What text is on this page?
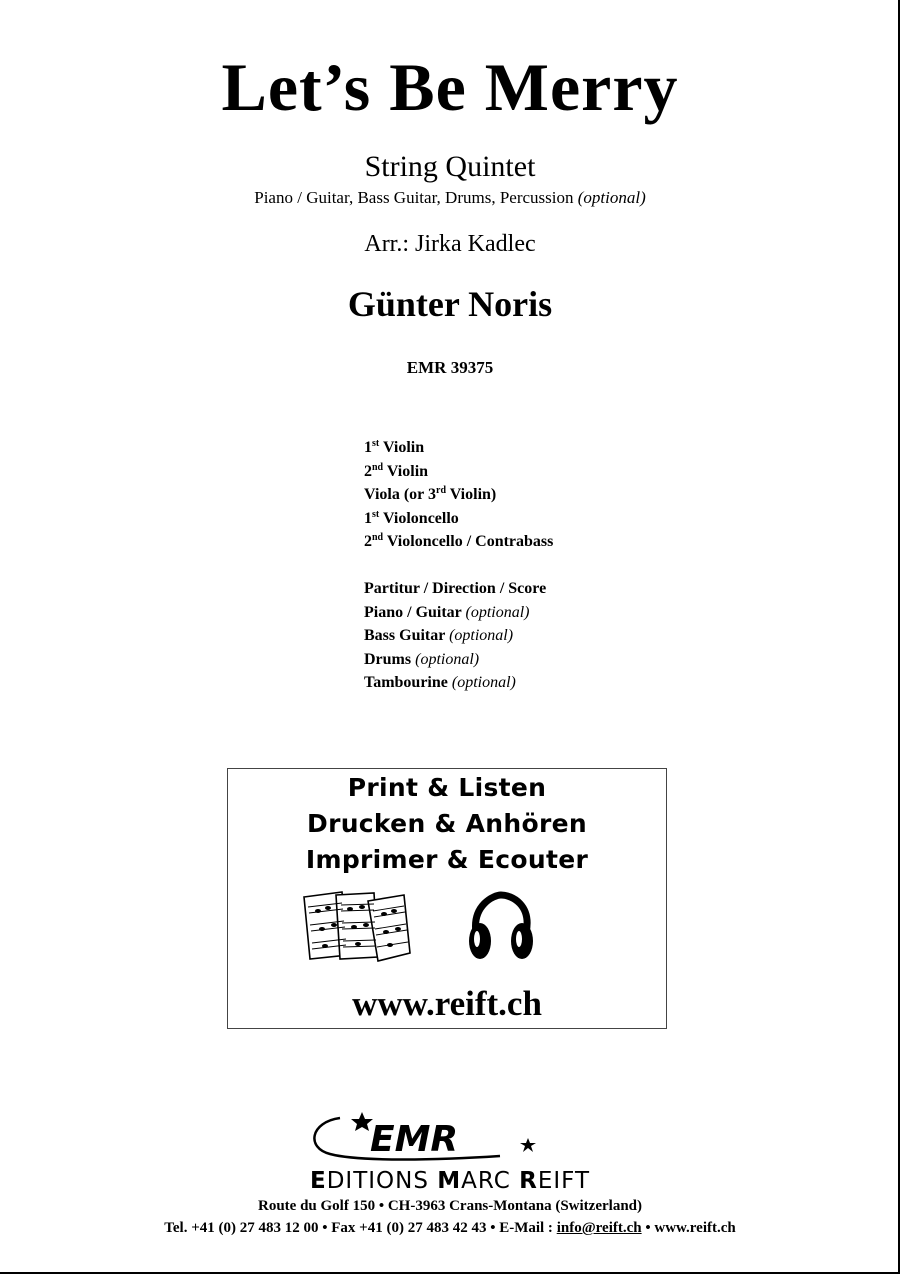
Let’s Be Merry
String Quintet
Piano / Guitar, Bass Guitar, Drums, Percussion (optional)
Arr.: Jirka Kadlec
Günter Noris
EMR 39375
1st Violin
2nd Violin
Viola (or 3rd Violin)
1st Violoncello
2nd Violoncello / Contrabass
Partitur / Direction / Score
Piano / Guitar (optional)
Bass Guitar (optional)
Drums (optional)
Tambourine (optional)
Print & Listen
Drucken & Anhören
Imprimer & Ecouter
www.reift.ch
EMR
EDITIONS MARC REIFT
Route du Golf 150 • CH-3963 Crans-Montana (Switzerland)
Tel. +41 (0) 27 483 12 00 • Fax +41 (0) 27 483 42 43 • E-Mail : info@reift.ch • www.reift.ch
